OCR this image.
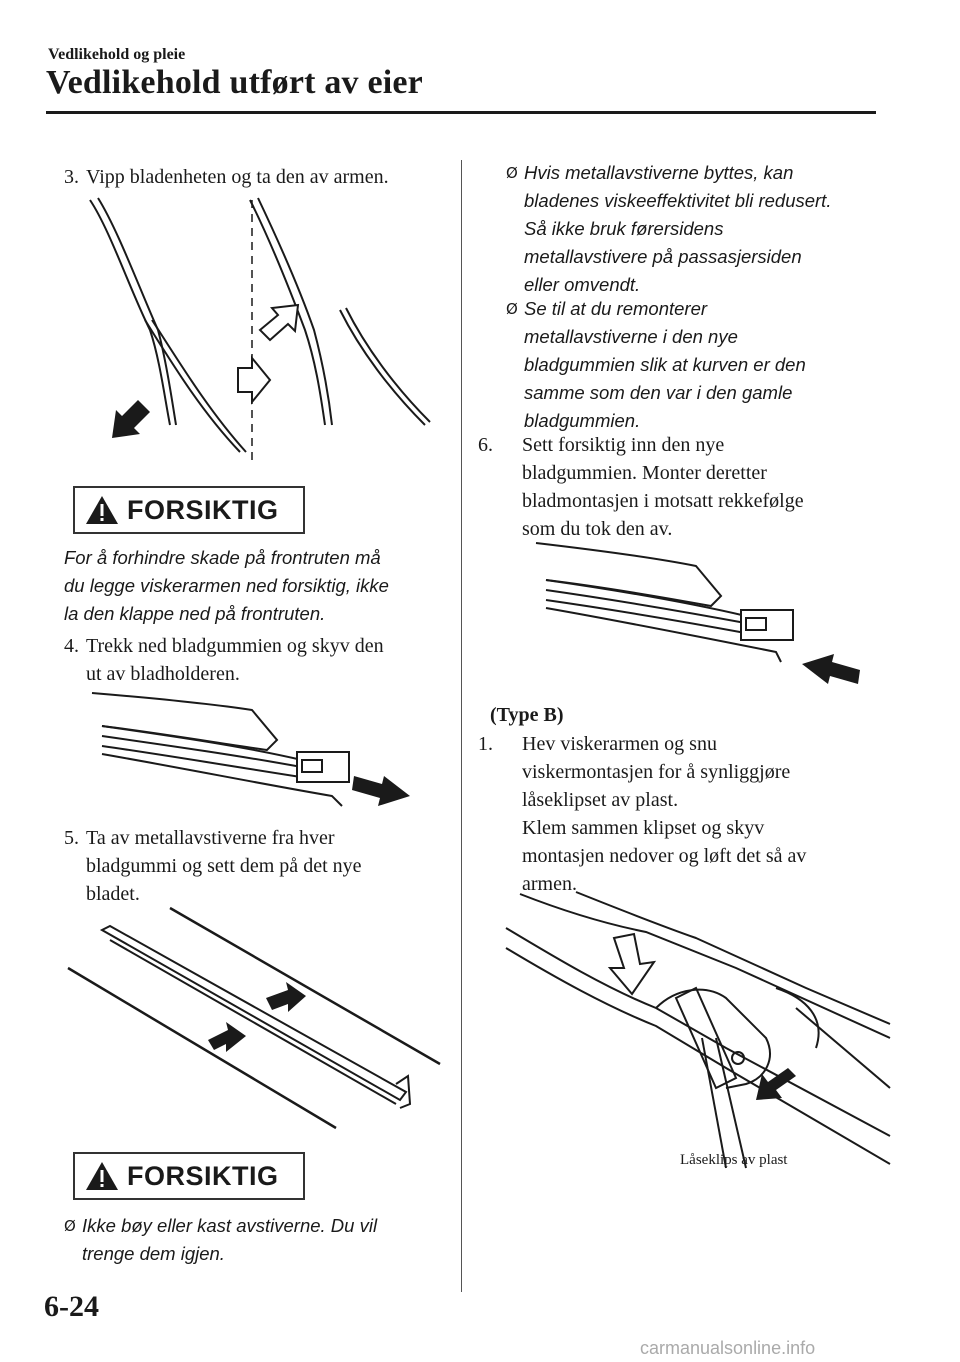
Vedlikehold og pleie
Vedlikehold utført av eier
3. Vipp bladenheten og ta den av armen.
FORSIKTIG
For å forhindre skade på frontruten må
du legge viskerarmen ned forsiktig, ikke
la den klappe ned på frontruten.
4. Trekk ned bladgummien og skyv den
ut av bladholderen.
5. Ta av metallavstiverne fra hver
bladgummi og sett dem på det nye
bladet.
FORSIKTIG
Ø Ikke bøy eller kast avstiverne. Du vil
trenge dem igjen.
Ø Hvis metallavstiverne byttes, kan
bladenes viskeeffektivitet bli redusert.
Så ikke bruk førersidens
metallavstivere på passasjersiden
eller omvendt.
Ø Se til at du remonterer
metallavstiverne i den nye
bladgummien slik at kurven er den
samme som den var i den gamle
bladgummien.
6. Sett forsiktig inn den nye
bladgummien. Monter deretter
bladmontasjen i motsatt rekkefølge
som du tok den av.
(Type B)
1. Hev viskerarmen og snu
viskermontasjen for å synliggjøre
låseklipset av plast.
Klem sammen klipset og skyv
montasjen nedover og løft det så av
armen.
Låseklips av plast
6-24
carmanualsonline.info
